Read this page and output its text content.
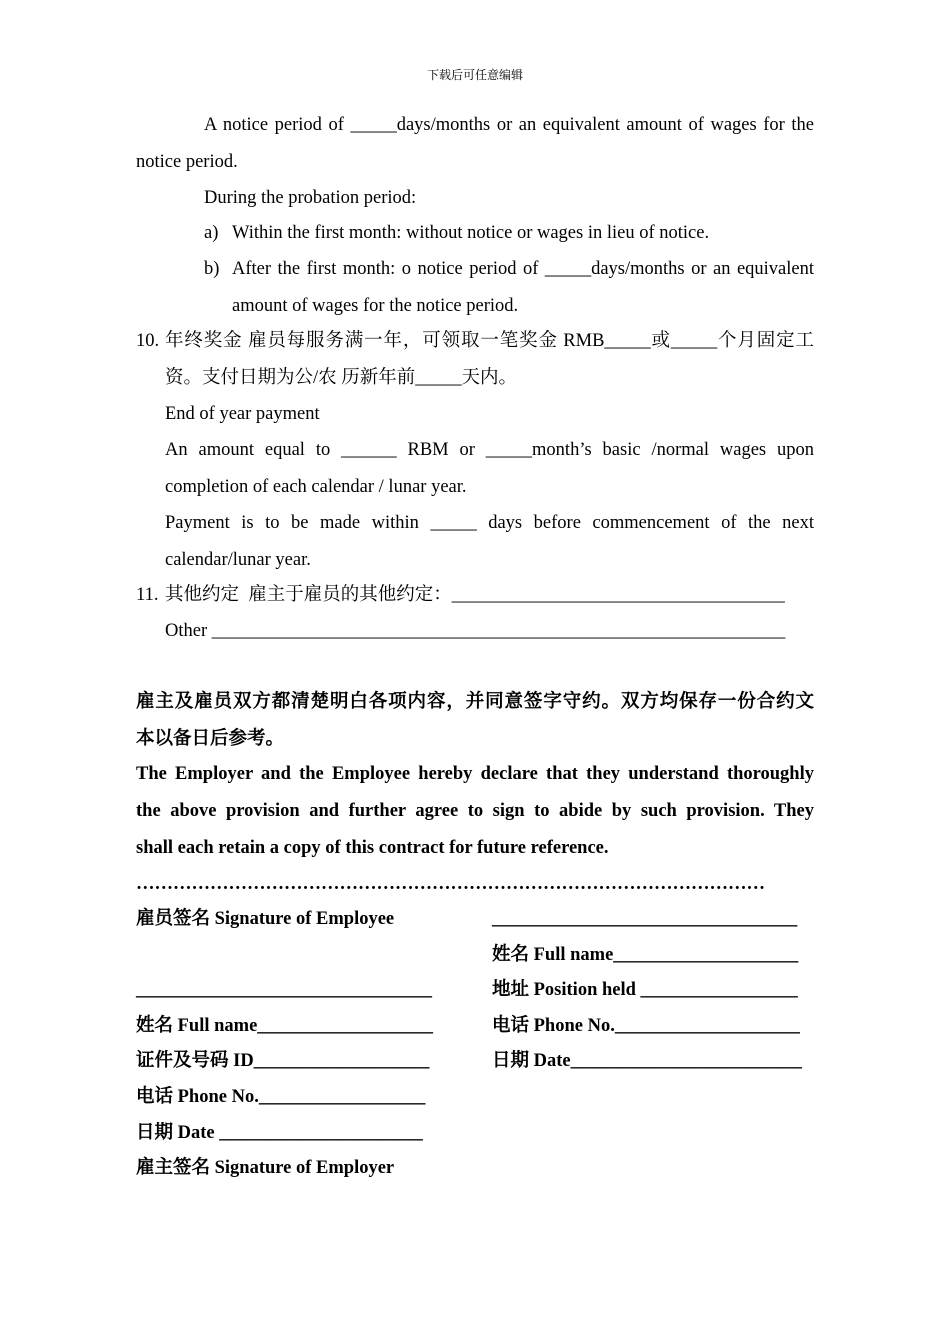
下载后可任意编辑
A notice period of _____days/months or an equivalent amount of wages for the
notice period.
During the probation period:
a) Within the first month: without notice or wages in lieu of notice.
b) After the first month: o notice period of _____days/months or an equivalent
amount of wages for the notice period.
10. 年终奖金 雇员每服务满一年，可领取一笔奖金 RMB_____或_____个月固定工
资。支付日期为公/农 历新年前_____天内。
End of year payment
An amount equal to ______ RBM or _____month’s basic /normal wages upon
completion of each calendar / lunar year.
Payment is to be made within _____ days before commencement of the next
calendar/lunar year.
11. 其他约定  雇主于雇员的其他约定：____________________________________
Other ______________________________________________________________
雇主及雇员双方都清楚明白各项内容，并同意签字守约。双方均保存一份合约文
本以备日后参考。
The Employer and the Employee hereby declare that they understand thoroughly
the above provision and further agree to sign to abide by such provision. They
shall each retain a copy of this contract for future reference.
…………………………………………………………………………………………
雇员签名 Signature of Employee	_________________________________
姓名 Full name____________________
________________________________	地址 Position held _________________
姓名 Full name___________________	电话 Phone No.____________________
证件及号码 ID___________________	日期 Date_________________________
电话 Phone No.__________________
日期 Date ______________________
雇主签名 Signature of Employer
